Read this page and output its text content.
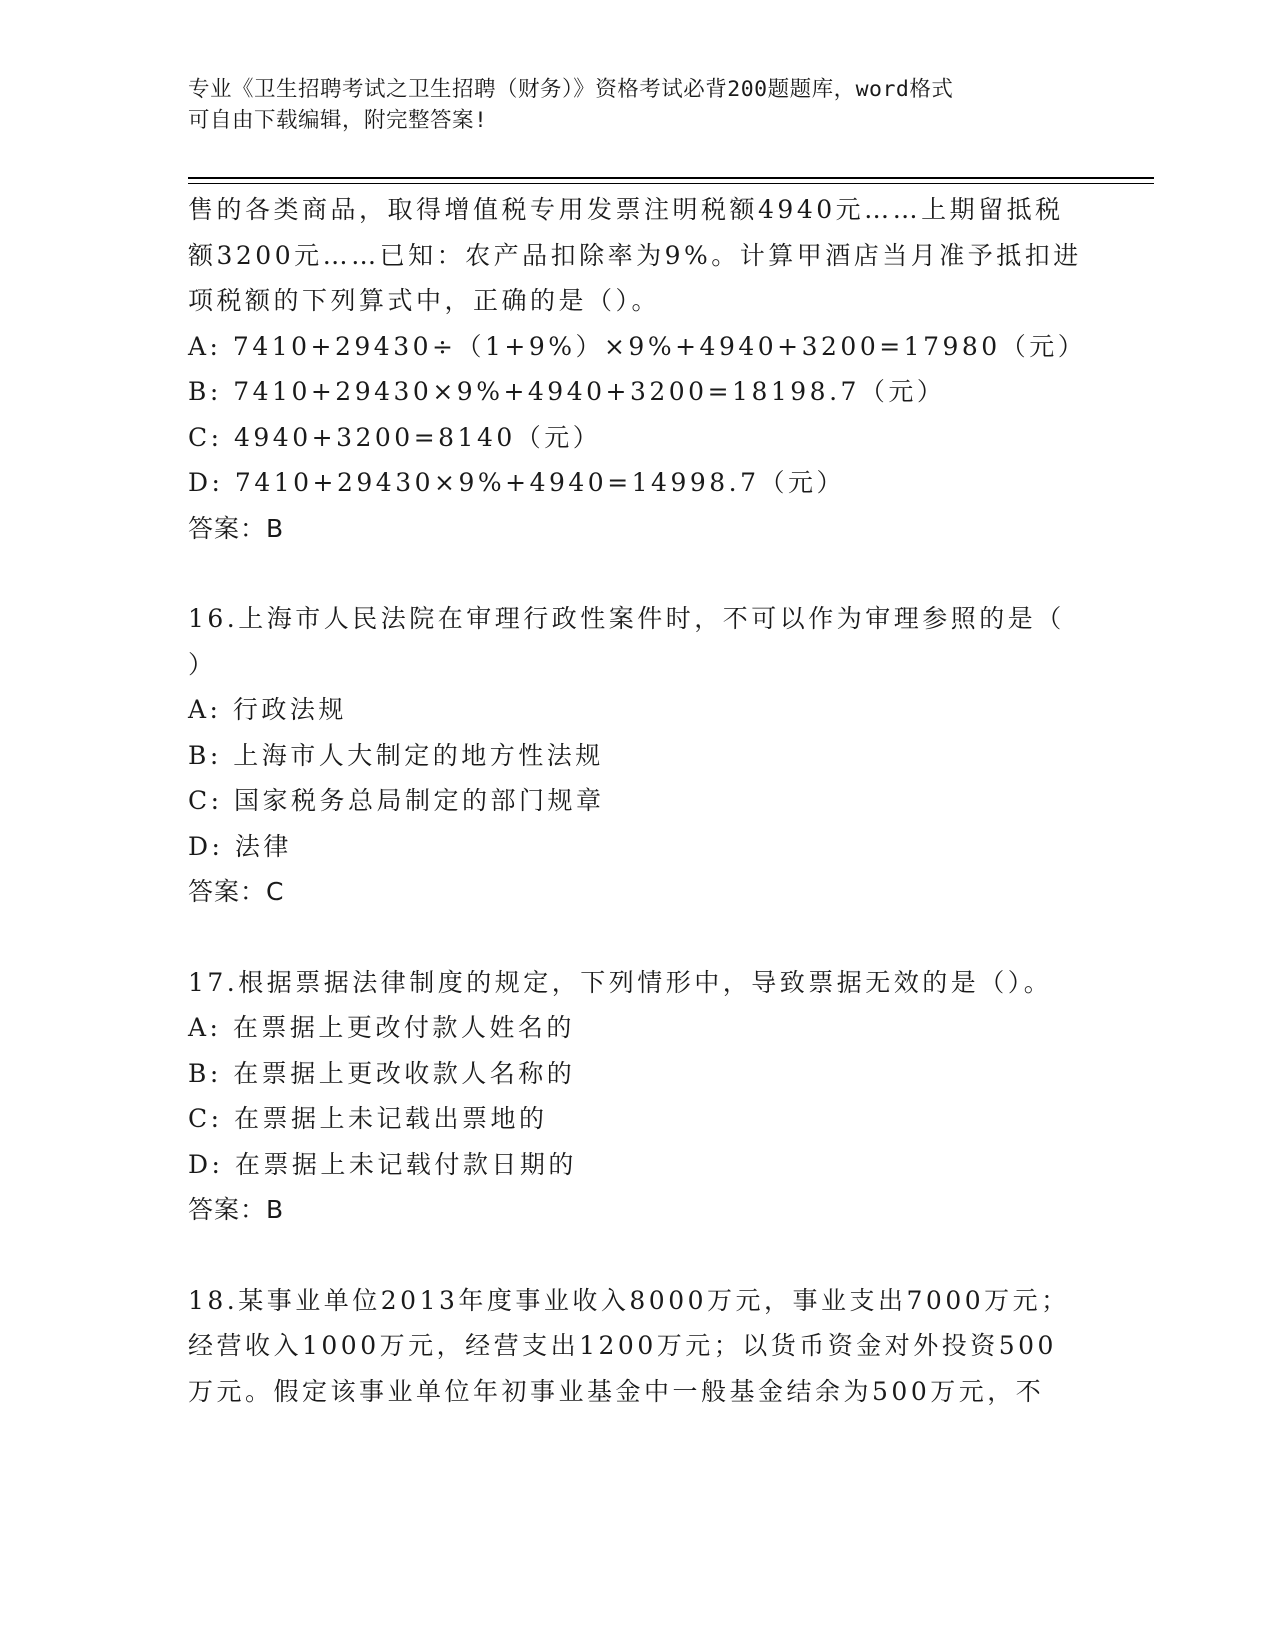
专业《卫生招聘考试之卫生招聘（财务）》资格考试必背200题题库，word格式
可自由下载编辑，附完整答案!
售的各类商品，取得增值税专用发票注明税额4940元……上期留抵税
额3200元……已知：农产品扣除率为9%。计算甲酒店当月准予抵扣进
项税额的下列算式中，正确的是（）。
A: 7410+29430÷（1+9%）×9%+4940+3200=17980（元）
B: 7410+29430×9%+4940+3200=18198.7（元）
C: 4940+3200=8140（元）
D: 7410+29430×9%+4940=14998.7（元）
答案：B
16.上海市人民法院在审理行政性案件时，不可以作为审理参照的是（
）
A: 行政法规
B: 上海市人大制定的地方性法规
C: 国家税务总局制定的部门规章
D: 法律
答案：C
17.根据票据法律制度的规定，下列情形中，导致票据无效的是（）。
A: 在票据上更改付款人姓名的
B: 在票据上更改收款人名称的
C: 在票据上未记载出票地的
D: 在票据上未记载付款日期的
答案：B
18.某事业单位2013年度事业收入8000万元，事业支出7000万元；
经营收入1000万元，经营支出1200万元；以货币资金对外投资500
万元。假定该事业单位年初事业基金中一般基金结余为500万元，不
